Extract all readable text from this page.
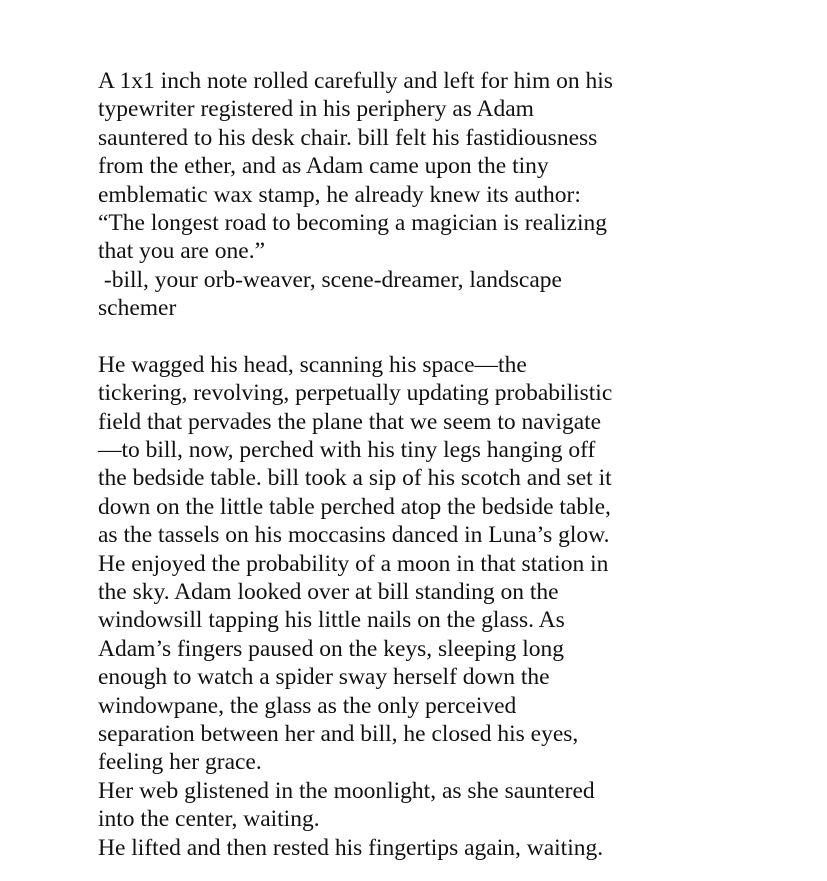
A 1x1 inch note rolled carefully and left for him on his
typewriter registered in his periphery as Adam
sauntered to his desk chair. bill felt his fastidiousness
from the ether, and as Adam came upon the tiny
emblematic wax stamp, he already knew its author:
“The longest road to becoming a magician is realizing
that you are one.”
-bill, your orb-weaver, scene-dreamer, landscape
schemer
He wagged his head, scanning his space—the
tickering, revolving, perpetually updating probabilistic
field that pervades the plane that we seem to navigate
—to bill, now, perched with his tiny legs hanging off
the bedside table. bill took a sip of his scotch and set it
down on the little table perched atop the bedside table,
as the tassels on his moccasins danced in Luna’s glow.
He enjoyed the probability of a moon in that station in
the sky. Adam looked over at bill standing on the
windowsill tapping his little nails on the glass. As
Adam’s fingers paused on the keys, sleeping long
enough to watch a spider sway herself down the
windowpane, the glass as the only perceived
separation between her and bill, he closed his eyes,
feeling her grace.
Her web glistened in the moonlight, as she sauntered
into the center, waiting.
He lifted and then rested his fingertips again, waiting.
